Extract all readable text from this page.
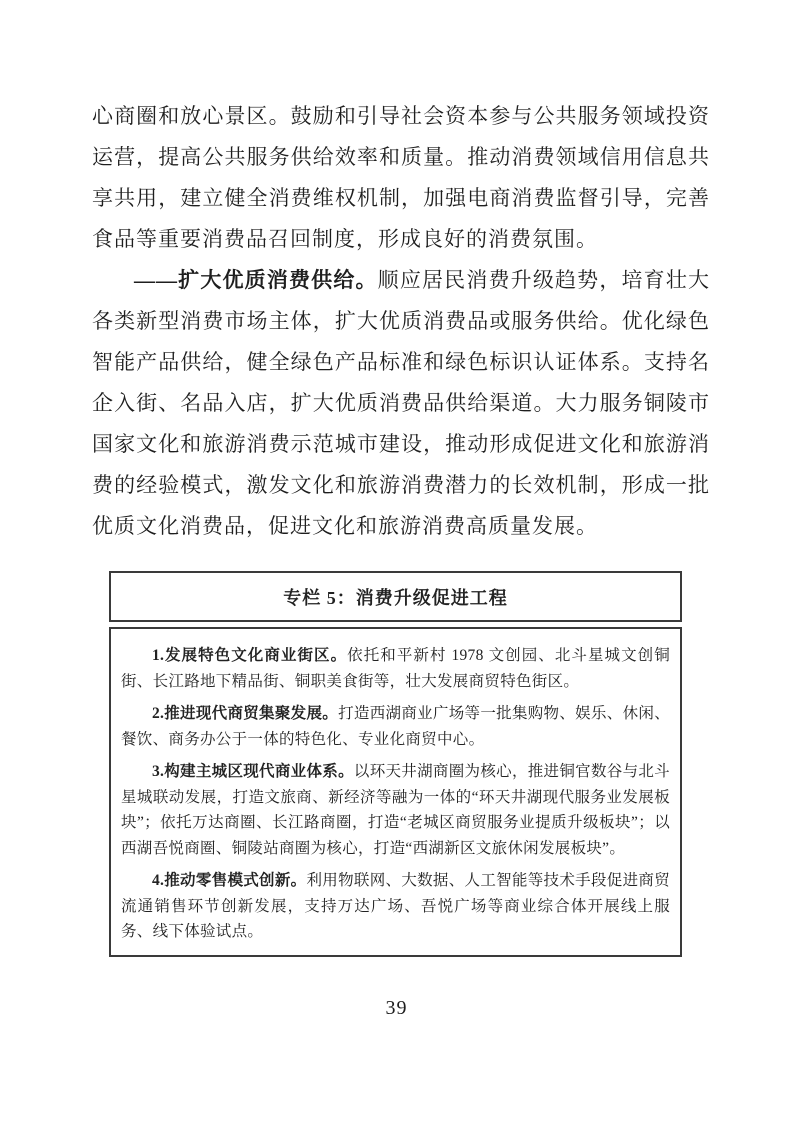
心商圈和放心景区。鼓励和引导社会资本参与公共服务领域投资运营，提高公共服务供给效率和质量。推动消费领域信用信息共享共用，建立健全消费维权机制，加强电商消费监督引导，完善食品等重要消费品召回制度，形成良好的消费氛围。

——扩大优质消费供给。顺应居民消费升级趋势，培育壮大各类新型消费市场主体，扩大优质消费品或服务供给。优化绿色智能产品供给，健全绿色产品标准和绿色标识认证体系。支持名企入街、名品入店，扩大优质消费品供给渠道。大力服务铜陵市国家文化和旅游消费示范城市建设，推动形成促进文化和旅游消费的经验模式，激发文化和旅游消费潜力的长效机制，形成一批优质文化消费品，促进文化和旅游消费高质量发展。

专栏 5：消费升级促进工程

1.发展特色文化商业街区。依托和平新村 1978 文创园、北斗星城文创铜街、长江路地下精品街、铜职美食街等，壮大发展商贸特色街区。

2.推进现代商贸集聚发展。打造西湖商业广场等一批集购物、娱乐、休闲、餐饮、商务办公于一体的特色化、专业化商贸中心。

3.构建主城区现代商业体系。以环天井湖商圈为核心，推进铜官数谷与北斗星城联动发展，打造文旅商、新经济等融为一体的“环天井湖现代服务业发展板块”；依托万达商圈、长江路商圈，打造“老城区商贸服务业提质升级板块”；以西湖吾悦商圈、铜陵站商圈为核心，打造“西湖新区文旅休闲发展板块”。

4.推动零售模式创新。利用物联网、大数据、人工智能等技术手段促进商贸流通销售环节创新发展，支持万达广场、吾悦广场等商业综合体开展线上服务、线下体验试点。

39
